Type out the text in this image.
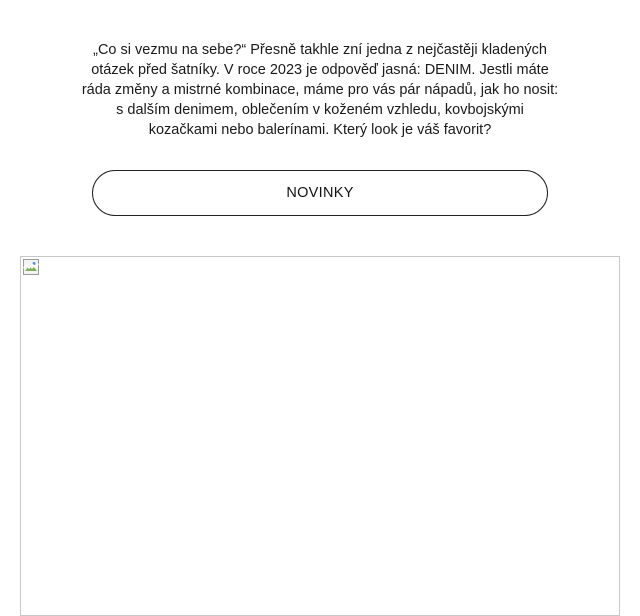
„Co si vezmu na sebe?“ Přesně takhle zní jedna z nejčastěji kladených otázek před šatníky. V roce 2023 je odpověď jasná: DENIM. Jestli máte ráda změny a mistrné kombinace, máme pro vás pár nápadů, jak ho nosit: s dalším denimem, oblečením v koženém vzhledu, kovbojskými kozačkami nebo balerínami. Který look je váš favorit?

NOVINKY
